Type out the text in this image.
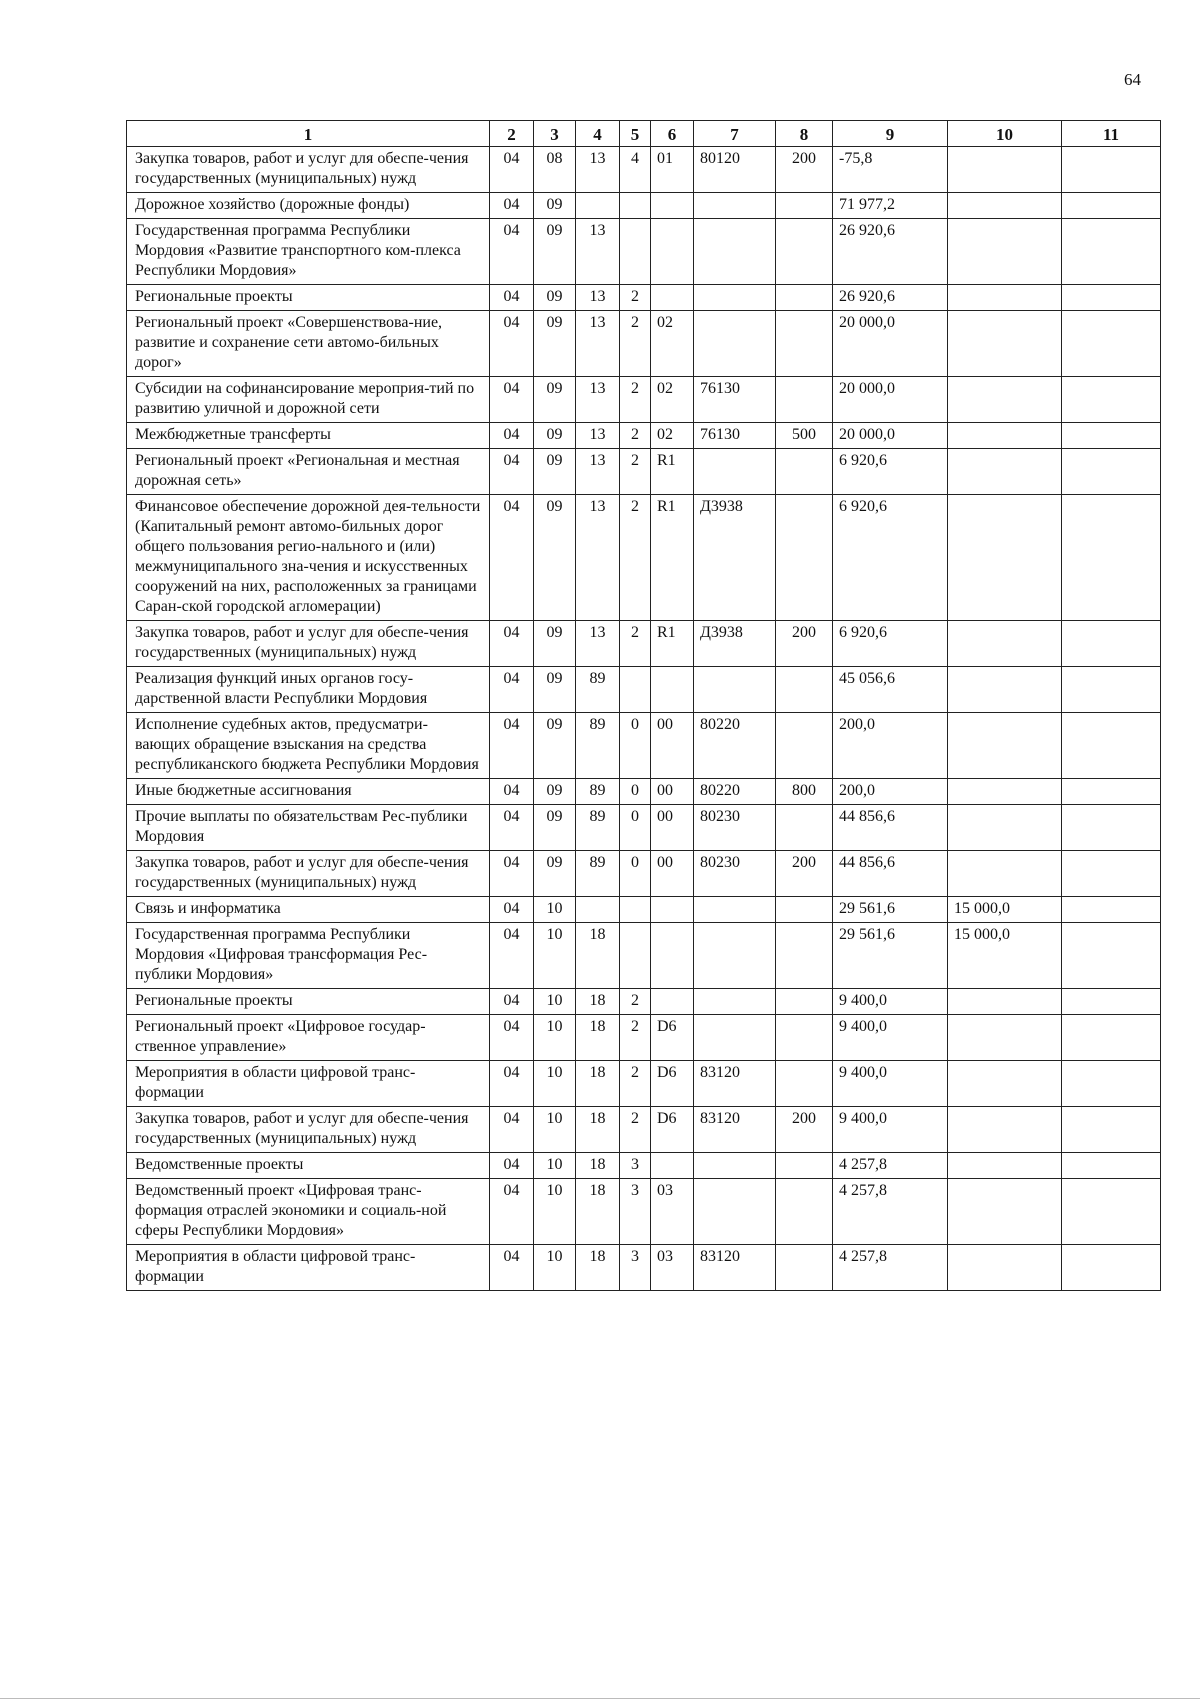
64
1	2	3	4	5	6	7	8	9	10	11
Закупка товаров, работ и услуг для обеспе-чения государственных (муниципальных) нужд	04	08	13	4	01	80120	200	-75,8		
Дорожное хозяйство (дорожные фонды)	04	09						71 977,2		
Государственная программа Республики Мордовия «Развитие транспортного ком-плекса Республики Мордовия»	04	09	13					26 920,6		
Региональные проекты	04	09	13	2				26 920,6		
Региональный проект «Совершенствова-ние, развитие и сохранение сети автомо-бильных дорог»	04	09	13	2	02			20 000,0		
Субсидии на софинансирование мероприя-тий по развитию уличной и дорожной сети	04	09	13	2	02	76130		20 000,0		
Межбюджетные трансферты	04	09	13	2	02	76130	500	20 000,0		
Региональный проект «Региональная и местная дорожная сеть»	04	09	13	2	R1			6 920,6		
Финансовое обеспечение дорожной дея-тельности (Капитальный ремонт автомо-бильных дорог общего пользования регио-нального и (или) межмуниципального зна-чения и искусственных сооружений на них, расположенных за границами Саран-ской городской агломерации)	04	09	13	2	R1	Д3938		6 920,6		
Закупка товаров, работ и услуг для обеспе-чения государственных (муниципальных) нужд	04	09	13	2	R1	Д3938	200	6 920,6		
Реализация функций иных органов госу-дарственной власти Республики Мордовия	04	09	89					45 056,6		
Исполнение судебных актов, предусматри-вающих обращение взыскания на средства республиканского бюджета Республики Мордовия	04	09	89	0	00	80220		200,0		
Иные бюджетные ассигнования	04	09	89	0	00	80220	800	200,0		
Прочие выплаты по обязательствам Рес-публики Мордовия	04	09	89	0	00	80230		44 856,6		
Закупка товаров, работ и услуг для обеспе-чения государственных (муниципальных) нужд	04	09	89	0	00	80230	200	44 856,6		
Связь и информатика	04	10						29 561,6	15 000,0	
Государственная программа Республики Мордовия «Цифровая трансформация Рес-публики Мордовия»	04	10	18					29 561,6	15 000,0	
Региональные проекты	04	10	18	2				9 400,0		
Региональный проект «Цифровое государ-ственное управление»	04	10	18	2	D6			9 400,0		
Мероприятия в области цифровой транс-формации	04	10	18	2	D6	83120		9 400,0		
Закупка товаров, работ и услуг для обеспе-чения государственных (муниципальных) нужд	04	10	18	2	D6	83120	200	9 400,0		
Ведомственные проекты	04	10	18	3				4 257,8		
Ведомственный проект «Цифровая транс-формация отраслей экономики и социаль-ной сферы Республики Мордовия»	04	10	18	3	03			4 257,8		
Мероприятия в области цифровой транс-формации	04	10	18	3	03	83120		4 257,8		
